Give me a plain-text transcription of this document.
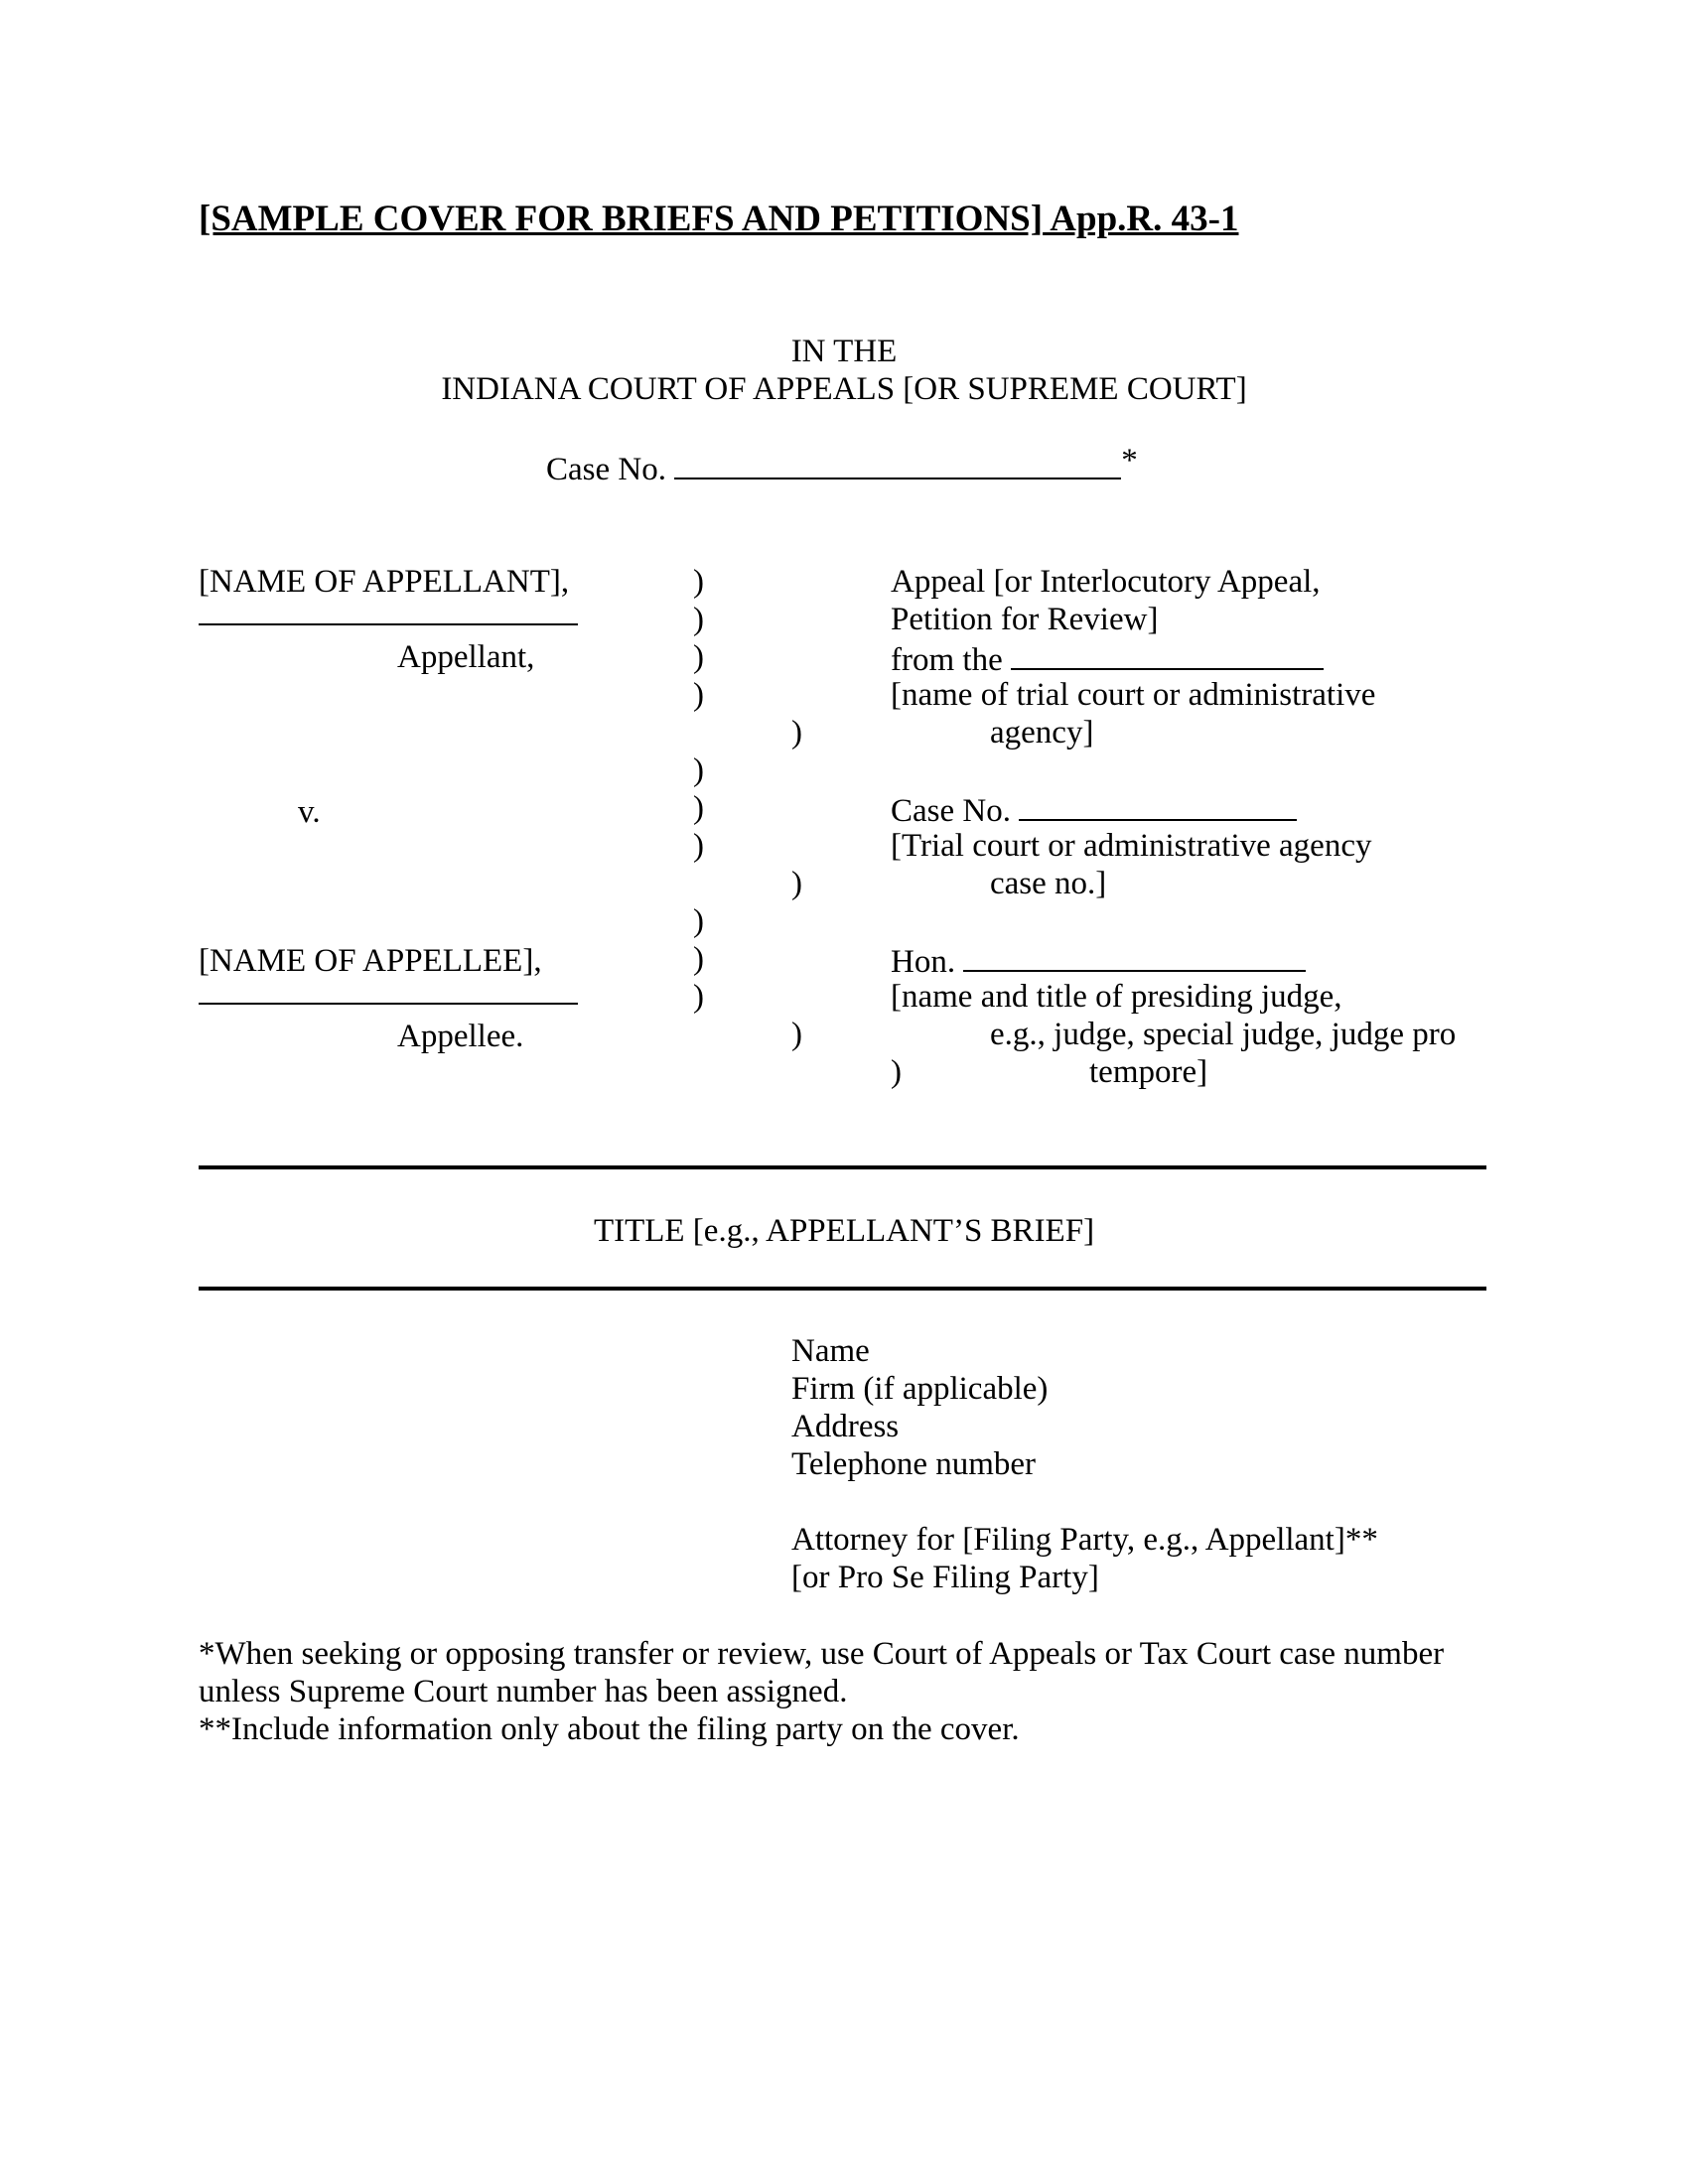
[SAMPLE COVER FOR BRIEFS AND PETITIONS] App.R. 43-1
IN THE
INDIANA COURT OF APPEALS [OR SUPREME COURT]
Case No.	*
[NAME OF APPELLANT],
Appellant,
v.
[NAME OF APPELLEE],
Appellee.
)
)
)
)
)
)
)
)
)
)
)
)
)
)
Appeal [or Interlocutory Appeal,
Petition for Review]
from the
[name of trial court or administrative
agency]
Case No.
[Trial court or administrative agency
case no.]
Hon.
[name and title of presiding judge,
e.g., judge, special judge, judge pro
tempore]
TITLE [e.g., APPELLANT’S BRIEF]
Name
Firm (if applicable)
Address
Telephone number
Attorney for [Filing Party, e.g., Appellant]**
[or Pro Se Filing Party]
*When seeking or opposing transfer or review, use Court of Appeals or Tax Court case number
unless Supreme Court number has been assigned.
**Include information only about the filing party on the cover.
